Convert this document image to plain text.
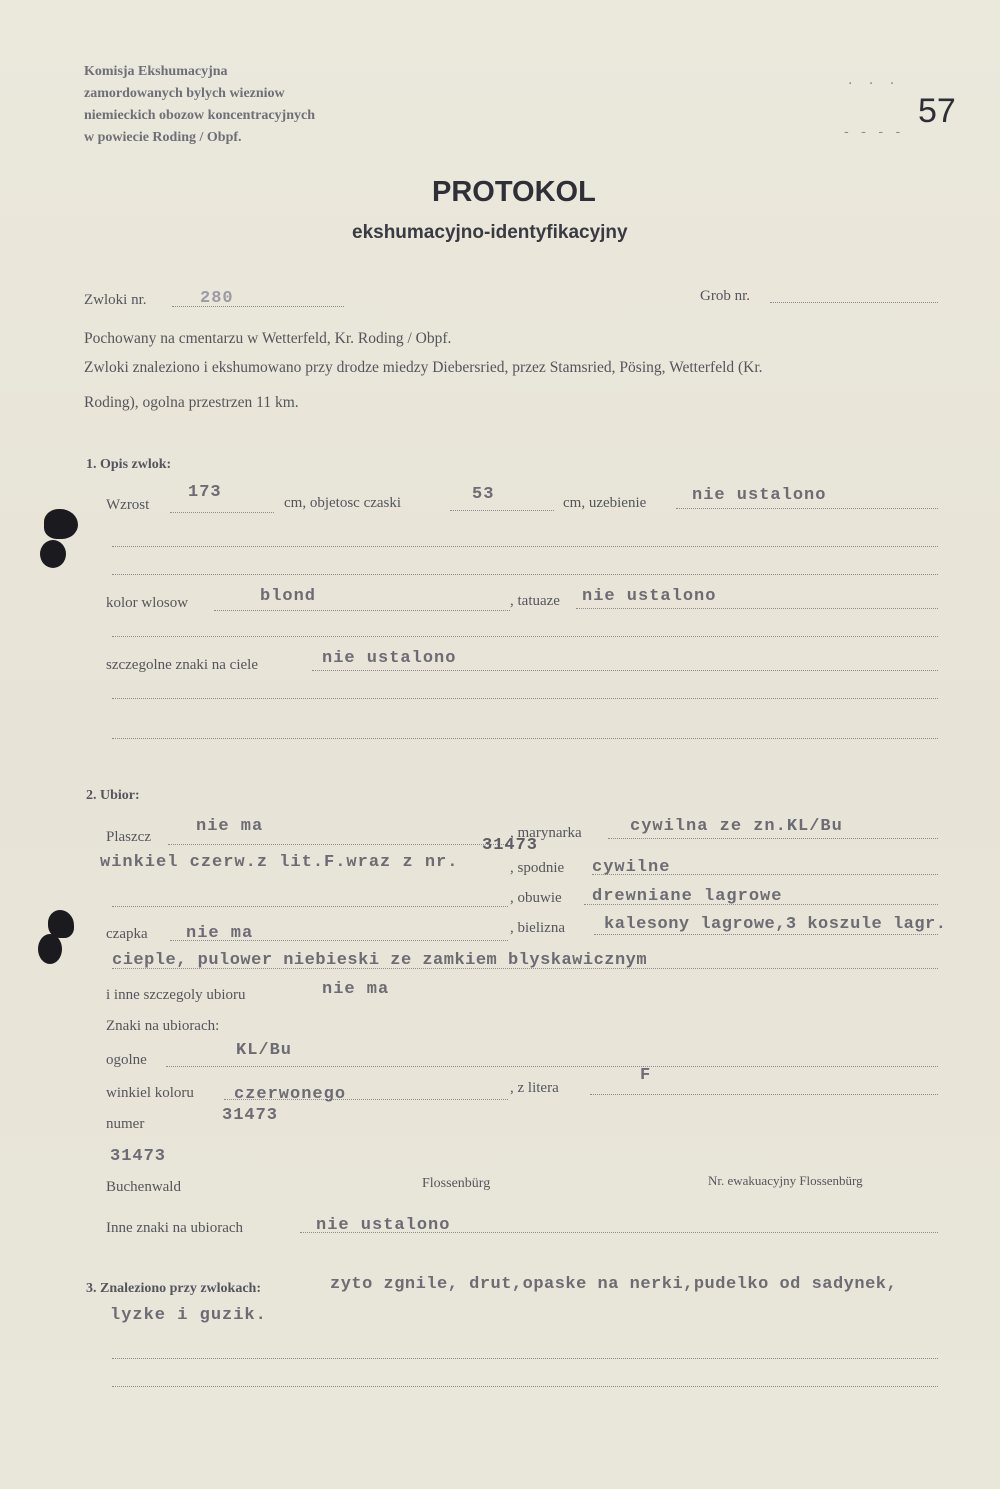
Komisja Ekshumacyjna
zamordowanych bylych wiezniow
niemieckich obozow koncentracyjnych
w powiecie Roding / Obpf.
57
· · ·
- - - -
PROTOKOL
ekshumacyjno-identyfikacyjny
Zwloki nr.	280	Grob nr.
Pochowany na cmentarzu w Wetterfeld, Kr. Roding / Obpf.
Zwloki znaleziono i ekshumowano przy drodze miedzy Diebersried, przez Stamsried, Pösing, Wetterfeld (Kr.
Roding), ogolna przestrzen 11 km.
1. Opis zwlok:
Wzrost
173
cm, objetosc czaski	53	cm, uzebienie	nie ustalono
kolor wlosow	blond	, tatuaze nie ustalono
szczegolne znaki na ciele	nie ustalono
2. Ubior:
Plaszcz
nie ma	, marynarka	cywilna ze zn.KL/Bu
winkiel czerw.z lit.F.wraz z nr.
31473
, spodnie cywilne
, obuwie drewniane lagrowe
czapka nie ma	, bielizna kalesony lagrowe,3 koszule lagr.
cieple, pulower niebieski ze zamkiem blyskawicznym
i inne szczegoly ubioru	nie ma
Znaki na ubiorach:
ogolne	KL/Bu
winkiel koloru czerwonego	, z litera
F
numer	31473
31473
Buchenwald	Flossenbürg	Nr. ewakuacyjny Flossenbürg
Inne znaki na ubiorach	nie ustalono
3. Znaleziono przy zwlokach:	zyto zgnile, drut,opaske na nerki,pudelko od sadynek,
lyzke i guzik.
